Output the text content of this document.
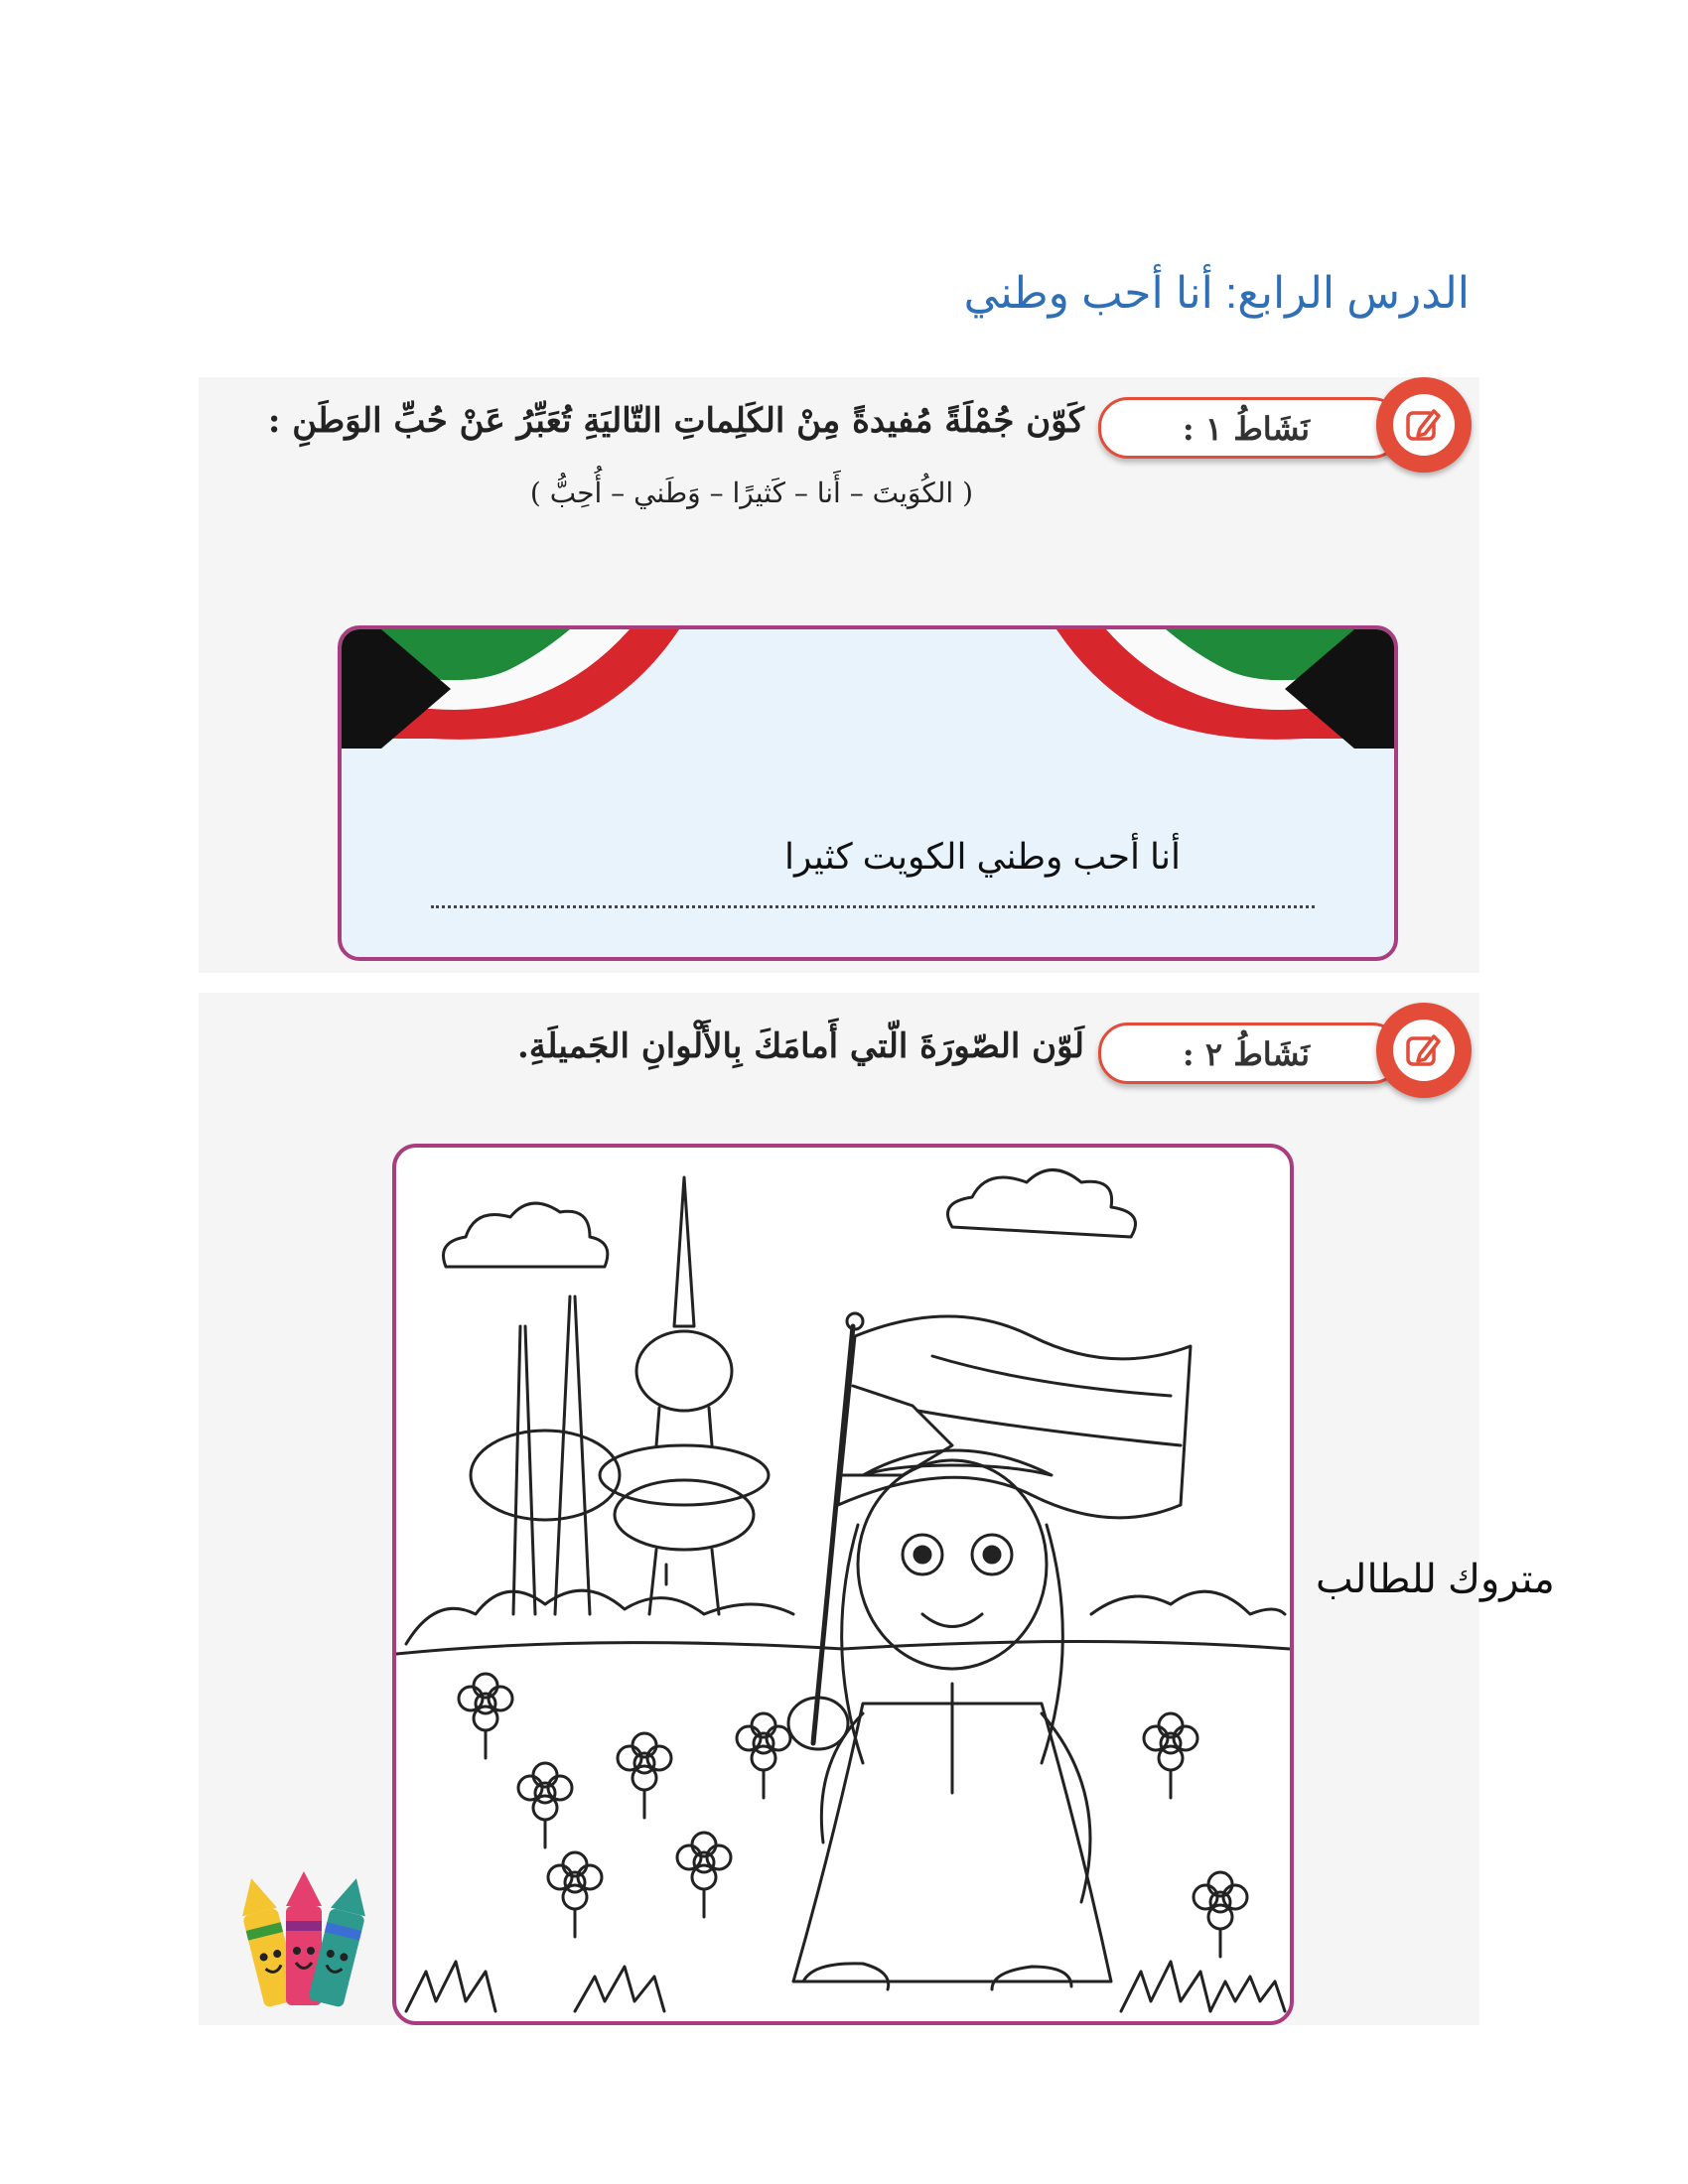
الدرس الرابع: أنا أحب وطني
نَشَاطُ ١ :
كَوّن جُمْلَةً مُفيدةً مِنْ الكَلِماتِ التّاليَةِ تُعَبِّرُ عَنْ حُبِّ الوَطَنِ :
( الكُوَيتَ – أَنا – كَثيرًا – وَطَني – أُحِبُّ )
أنا أحب وطني الكويت كثيرا
نَشَاطُ ٢ :
لَوّن الصّورَةَ الّتي أَمامَكَ بِالأَلْوانِ الجَميلَةِ.
متروك للطالب
